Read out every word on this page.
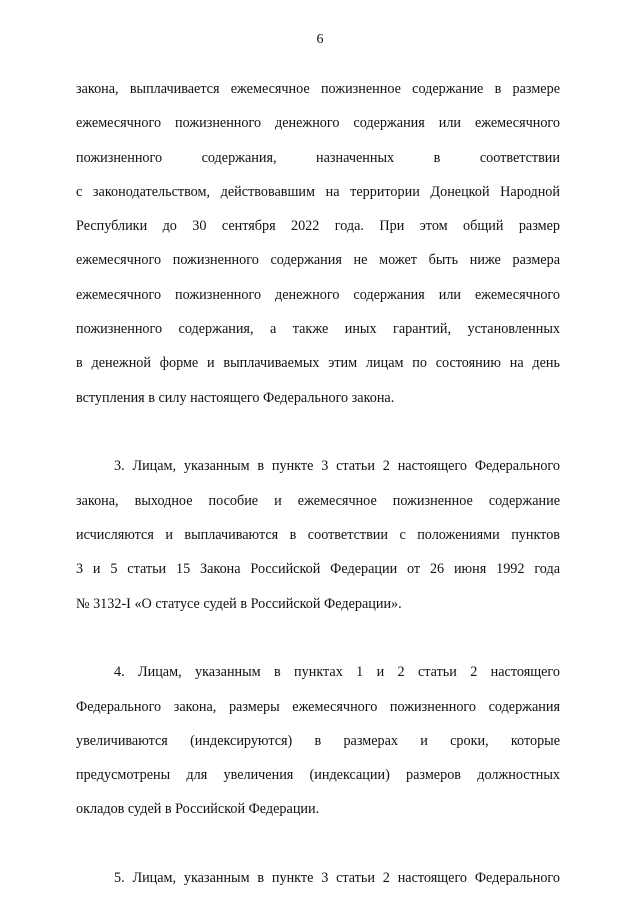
6
закона, выплачивается ежемесячное пожизненное содержание в размере
ежемесячного пожизненного денежного содержания или ежемесячного
пожизненного содержания, назначенных в соответствии
с законодательством, действовавшим на территории Донецкой Народной
Республики до 30 сентября 2022 года. При этом общий размер
ежемесячного пожизненного содержания не может быть ниже размера
ежемесячного пожизненного денежного содержания или ежемесячного
пожизненного содержания, а также иных гарантий, установленных
в денежной форме и выплачиваемых этим лицам по состоянию на день
вступления в силу настоящего Федерального закона.
3. Лицам, указанным в пункте 3 статьи 2 настоящего Федерального
закона, выходное пособие и ежемесячное пожизненное содержание
исчисляются и выплачиваются в соответствии с положениями пунктов
3 и 5 статьи 15 Закона Российской Федерации от 26 июня 1992 года
№ 3132-I «О статусе судей в Российской Федерации».
4. Лицам, указанным в пунктах 1 и 2 статьи 2 настоящего
Федерального закона, размеры ежемесячного пожизненного содержания
увеличиваются (индексируются) в размерах и сроки, которые
предусмотрены для увеличения (индексации) размеров должностных
окладов судей в Российской Федерации.
5. Лицам, указанным в пункте 3 статьи 2 настоящего Федерального
